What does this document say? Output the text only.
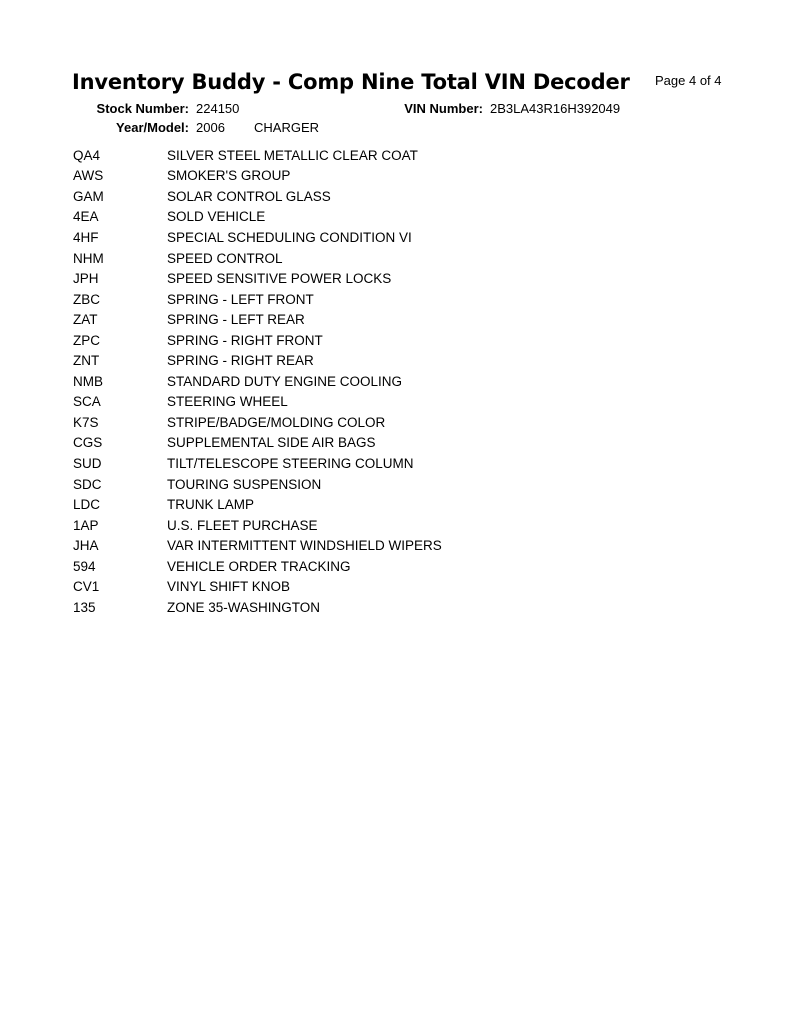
Inventory Buddy - Comp Nine Total VIN Decoder Page 4 of 4
Stock Number: 224150	VIN Number: 2B3LA43R16H392049
Year/Model: 2006 CHARGER
QA4	SILVER STEEL METALLIC CLEAR COAT
AWS	SMOKER'S GROUP
GAM	SOLAR CONTROL GLASS
4EA	SOLD VEHICLE
4HF	SPECIAL SCHEDULING CONDITION VI
NHM	SPEED CONTROL
JPH	SPEED SENSITIVE POWER LOCKS
ZBC	SPRING - LEFT FRONT
ZAT	SPRING - LEFT REAR
ZPC	SPRING - RIGHT FRONT
ZNT	SPRING - RIGHT REAR
NMB	STANDARD DUTY ENGINE COOLING
SCA	STEERING WHEEL
K7S	STRIPE/BADGE/MOLDING COLOR
CGS	SUPPLEMENTAL SIDE AIR BAGS
SUD	TILT/TELESCOPE STEERING COLUMN
SDC	TOURING SUSPENSION
LDC	TRUNK LAMP
1AP	U.S. FLEET PURCHASE
JHA	VAR INTERMITTENT WINDSHIELD WIPERS
594	VEHICLE ORDER TRACKING
CV1	VINYL SHIFT KNOB
135	ZONE 35-WASHINGTON
